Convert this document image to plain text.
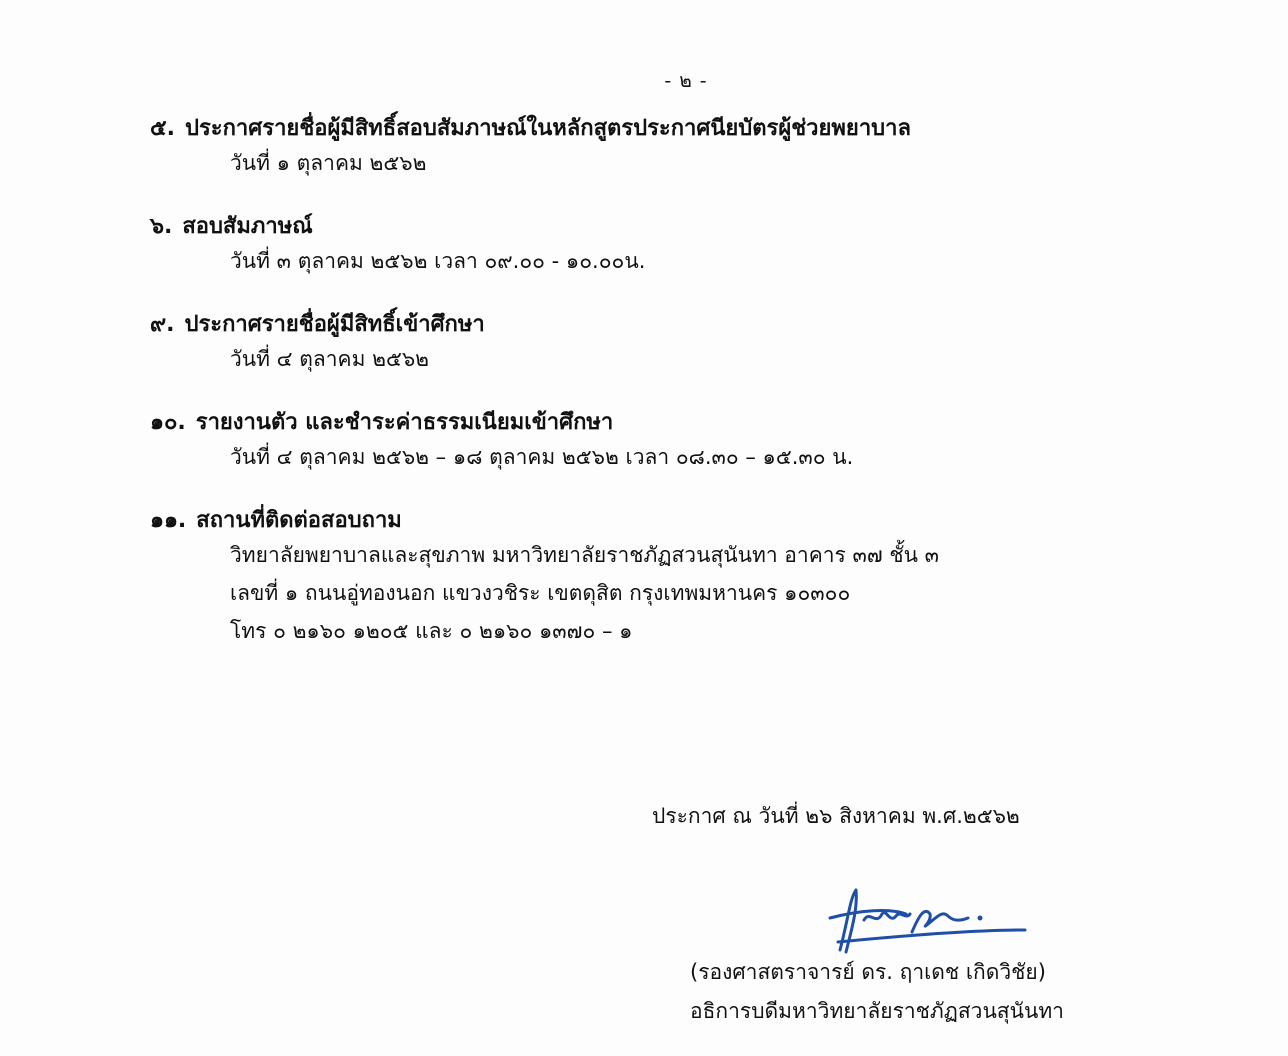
- ๒ -
๕. ประกาศรายชื่อผู้มีสิทธิ์สอบสัมภาษณ์ในหลักสูตรประกาศนียบัตรผู้ช่วยพยาบาล
วันที่ ๑ ตุลาคม ๒๕๖๒
๖. สอบสัมภาษณ์
วันที่ ๓ ตุลาคม ๒๕๖๒ เวลา ๐๙.๐๐ - ๑๐.๐๐น.
๙. ประกาศรายชื่อผู้มีสิทธิ์เข้าศึกษา
วันที่ ๔ ตุลาคม ๒๕๖๒
๑๐. รายงานตัว และชำระค่าธรรมเนียมเข้าศึกษา
วันที่ ๔ ตุลาคม ๒๕๖๒ – ๑๘ ตุลาคม ๒๕๖๒ เวลา ๐๘.๓๐ – ๑๕.๓๐ น.
๑๑. สถานที่ติดต่อสอบถาม
วิทยาลัยพยาบาลและสุขภาพ มหาวิทยาลัยราชภัฏสวนสุนันทา อาคาร ๓๗ ชั้น ๓
เลขที่ ๑ ถนนอู่ทองนอก แขวงวชิระ เขตดุสิต กรุงเทพมหานคร ๑๐๓๐๐
โทร ๐ ๒๑๖๐ ๑๒๐๕ และ ๐ ๒๑๖๐ ๑๓๗๐ – ๑
ประกาศ ณ วันที่ ๒๖ สิงหาคม พ.ศ.๒๕๖๒
(รองศาสตราจารย์ ดร. ฤาเดช เกิดวิชัย)
อธิการบดีมหาวิทยาลัยราชภัฏสวนสุนันทา
